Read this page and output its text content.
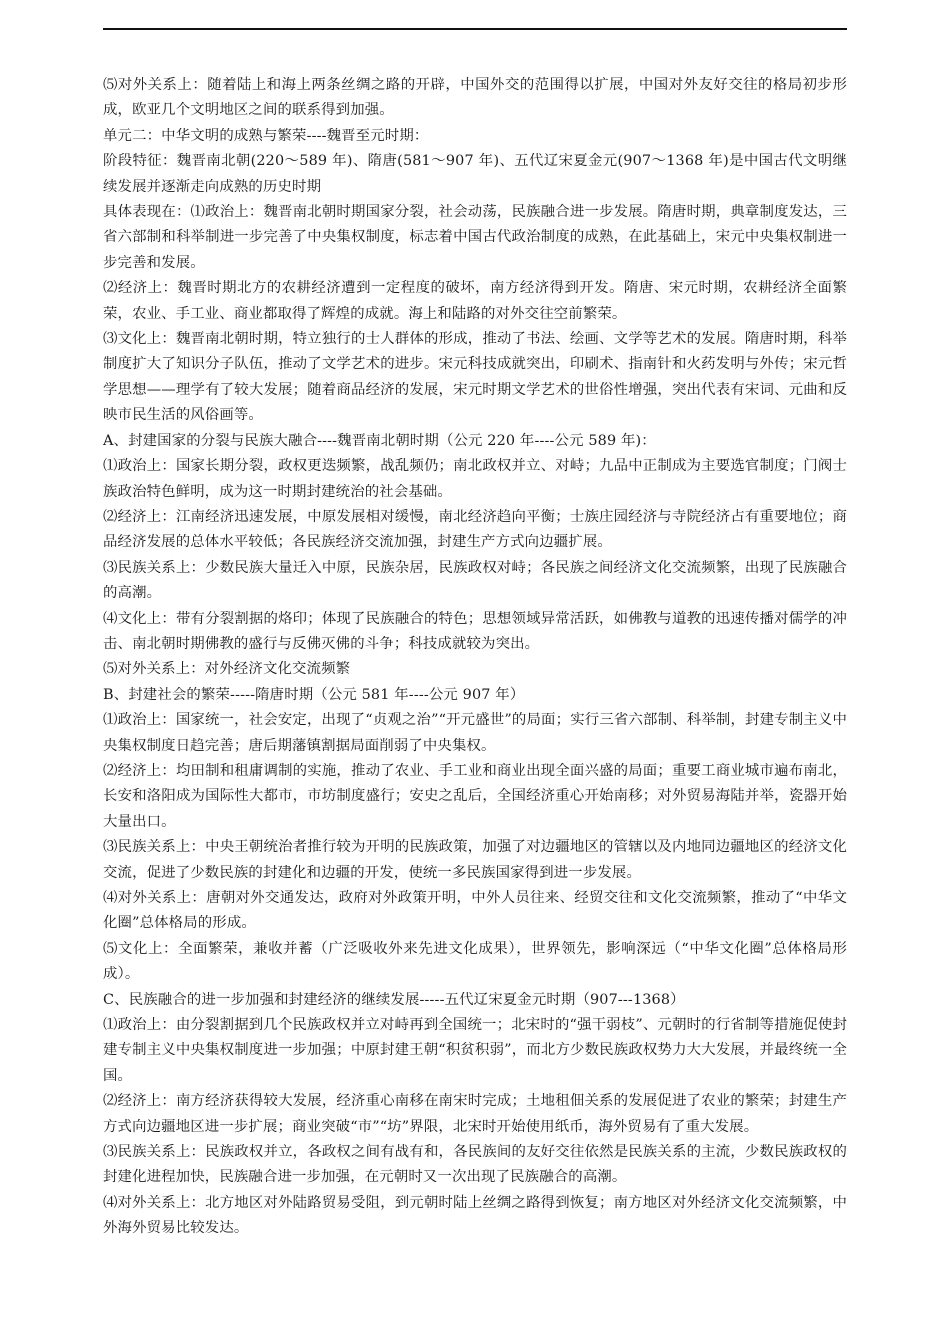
⑸对外关系上：随着陆上和海上两条丝绸之路的开辟，中国外交的范围得以扩展，中国对外友好交往的格局初步形成，欧亚几个文明地区之间的联系得到加强。

单元二：中华文明的成熟与繁荣----魏晋至元时期：

阶段特征：魏晋南北朝(220～589 年)、隋唐(581～907 年)、五代辽宋夏金元(907～1368 年)是中国古代文明继续发展并逐渐走向成熟的历史时期

具体表现在：⑴政治上：魏晋南北朝时期国家分裂，社会动荡，民族融合进一步发展。隋唐时期，典章制度发达，三省六部制和科举制进一步完善了中央集权制度，标志着中国古代政治制度的成熟，在此基础上，宋元中央集权制进一步完善和发展。

⑵经济上：魏晋时期北方的农耕经济遭到一定程度的破坏，南方经济得到开发。隋唐、宋元时期，农耕经济全面繁荣，农业、手工业、商业都取得了辉煌的成就。海上和陆路的对外交往空前繁荣。

⑶文化上：魏晋南北朝时期，特立独行的士人群体的形成，推动了书法、绘画、文学等艺术的发展。隋唐时期，科举制度扩大了知识分子队伍，推动了文学艺术的进步。宋元科技成就突出，印刷术、指南针和火药发明与外传；宋元哲学思想——理学有了较大发展；随着商品经济的发展，宋元时期文学艺术的世俗性增强，突出代表有宋词、元曲和反映市民生活的风俗画等。

A、封建国家的分裂与民族大融合----魏晋南北朝时期（公元 220 年----公元 589 年)：

⑴政治上：国家长期分裂，政权更迭频繁，战乱频仍；南北政权并立、对峙；九品中正制成为主要选官制度；门阀士族政治特色鲜明，成为这一时期封建统治的社会基础。

⑵经济上：江南经济迅速发展，中原发展相对缓慢，南北经济趋向平衡；士族庄园经济与寺院经济占有重要地位；商品经济发展的总体水平较低；各民族经济交流加强，封建生产方式向边疆扩展。

⑶民族关系上：少数民族大量迁入中原，民族杂居，民族政权对峙；各民族之间经济文化交流频繁，出现了民族融合的高潮。

⑷文化上：带有分裂割据的烙印；体现了民族融合的特色；思想领域异常活跃，如佛教与道教的迅速传播对儒学的冲击、南北朝时期佛教的盛行与反佛灭佛的斗争；科技成就较为突出。

⑸对外关系上：对外经济文化交流频繁

B、封建社会的繁荣-----隋唐时期（公元 581 年----公元 907 年）

⑴政治上：国家统一，社会安定，出现了“贞观之治”“开元盛世”的局面；实行三省六部制、科举制，封建专制主义中央集权制度日趋完善；唐后期藩镇割据局面削弱了中央集权。

⑵经济上：均田制和租庸调制的实施，推动了农业、手工业和商业出现全面兴盛的局面；重要工商业城市遍布南北，长安和洛阳成为国际性大都市，市坊制度盛行；安史之乱后，全国经济重心开始南移；对外贸易海陆并举，瓷器开始大量出口。

⑶民族关系上：中央王朝统治者推行较为开明的民族政策，加强了对边疆地区的管辖以及内地同边疆地区的经济文化交流，促进了少数民族的封建化和边疆的开发，使统一多民族国家得到进一步发展。

⑷对外关系上：唐朝对外交通发达，政府对外政策开明，中外人员往来、经贸交往和文化交流频繁，推动了“中华文化圈”总体格局的形成。

⑸文化上：全面繁荣，兼收并蓄（广泛吸收外来先进文化成果），世界领先，影响深远（“中华文化圈”总体格局形成）。

C、民族融合的进一步加强和封建经济的继续发展-----五代辽宋夏金元时期（907---1368）

⑴政治上：由分裂割据到几个民族政权并立对峙再到全国统一；北宋时的“强干弱枝”、元朝时的行省制等措施促使封建专制主义中央集权制度进一步加强；中原封建王朝“积贫积弱”，而北方少数民族政权势力大大发展，并最终统一全国。

⑵经济上：南方经济获得较大发展，经济重心南移在南宋时完成；土地租佃关系的发展促进了农业的繁荣；封建生产方式向边疆地区进一步扩展；商业突破“市”“坊”界限，北宋时开始使用纸币，海外贸易有了重大发展。

⑶民族关系上：民族政权并立，各政权之间有战有和，各民族间的友好交往依然是民族关系的主流，少数民族政权的封建化进程加快，民族融合进一步加强，在元朝时又一次出现了民族融合的高潮。

⑷对外关系上：北方地区对外陆路贸易受阻，到元朝时陆上丝绸之路得到恢复；南方地区对外经济文化交流频繁，中外海外贸易比较发达。
